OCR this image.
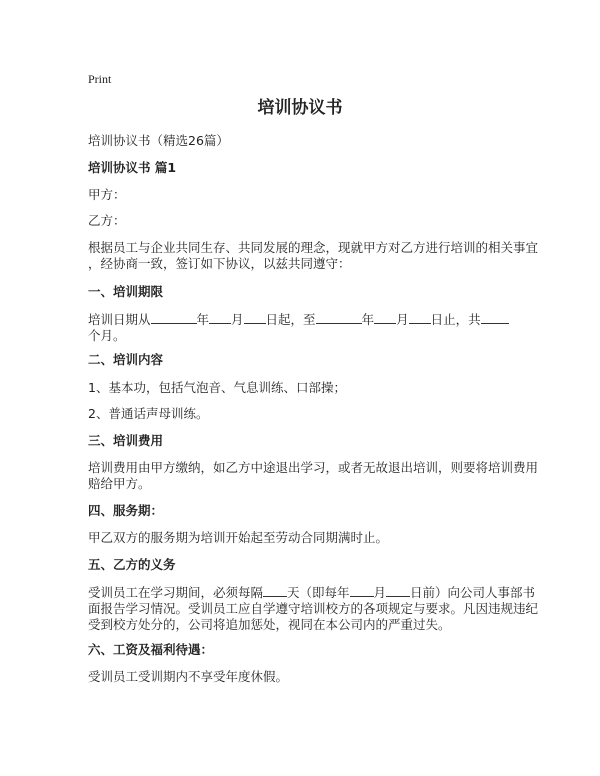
Print
培训协议书
培训协议书（精选26篇）
培训协议书 篇1
甲方：
乙方：
根据员工与企业共同生存、共同发展的理念，现就甲方对乙方进行培训的相关事宜
，经协商一致，签订如下协议，以兹共同遵守：
一、培训期限
培训日期从	年 月 日起，至	年 月 日止，共
个月。
二、培训内容
1、基本功，包括气泡音、气息训练、口部操；
2、普通话声母训练。
三、培训费用
培训费用由甲方缴纳，如乙方中途退出学习，或者无故退出培训，则要将培训费用
赔给甲方。
四、服务期：
甲乙双方的服务期为培训开始起至劳动合同期满时止。
五、乙方的义务
受训员工在学习期间，必须每隔 天（即每年 月 日前）向公司人事部书
面报告学习情况。受训员工应自学遵守培训校方的各项规定与要求。凡因违规违纪
受到校方处分的，公司将追加惩处，视同在本公司内的严重过失。
六、工资及福利待遇：
受训员工受训期内不享受年度休假。
